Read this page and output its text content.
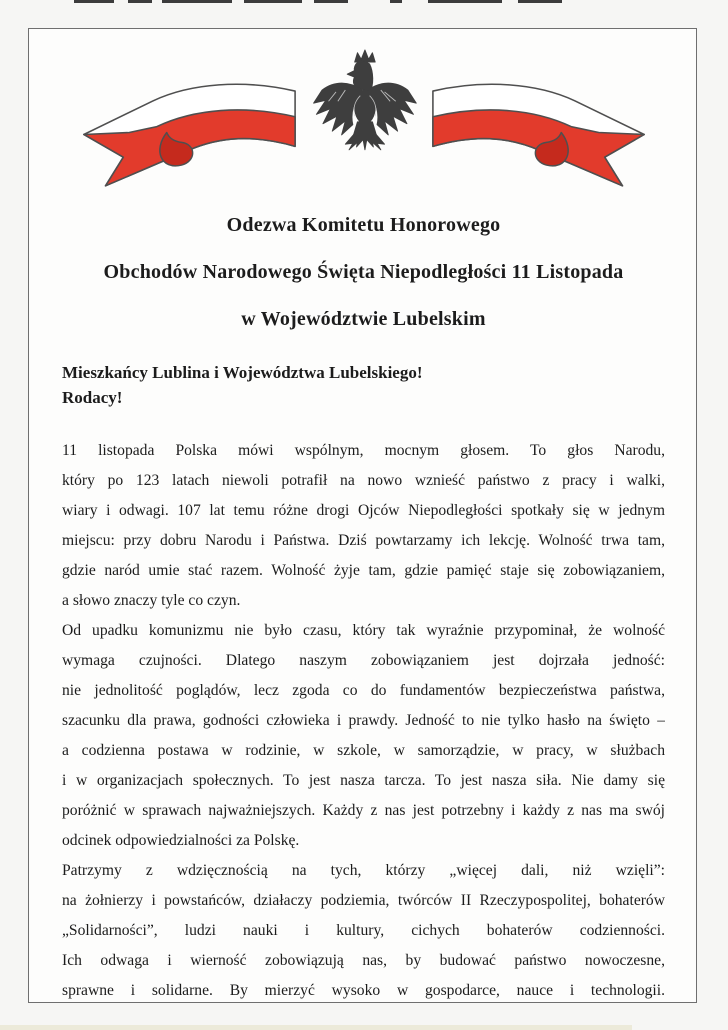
Odezwa Komitetu Honorowego
Obchodów Narodowego Święta Niepodległości 11 Listopada
w Województwie Lubelskim
Mieszkańcy Lublina i Województwa Lubelskiego!
Rodacy!
11 listopada Polska mówi wspólnym, mocnym głosem. To głos Narodu,
który po 123 latach niewoli potrafił na nowo wznieść państwo z pracy i walki,
wiary i odwagi. 107 lat temu różne drogi Ojców Niepodległości spotkały się w jednym
miejscu: przy dobru Narodu i Państwa. Dziś powtarzamy ich lekcję. Wolność trwa tam,
gdzie naród umie stać razem. Wolność żyje tam, gdzie pamięć staje się zobowiązaniem,
a słowo znaczy tyle co czyn.
Od upadku komunizmu nie było czasu, który tak wyraźnie przypominał, że wolność
wymaga czujności. Dlatego naszym zobowiązaniem jest dojrzała jedność:
nie jednolitość poglądów, lecz zgoda co do fundamentów bezpieczeństwa państwa,
szacunku dla prawa, godności człowieka i prawdy. Jedność to nie tylko hasło na święto –
a codzienna postawa w rodzinie, w szkole, w samorządzie, w pracy, w służbach
i w organizacjach społecznych. To jest nasza tarcza. To jest nasza siła. Nie damy się
poróżnić w sprawach najważniejszych. Każdy z nas jest potrzebny i każdy z nas ma swój
odcinek odpowiedzialności za Polskę.
Patrzymy z wdzięcznością na tych, którzy „więcej dali, niż wzięli”:
na żołnierzy i powstańców, działaczy podziemia, twórców II Rzeczypospolitej, bohaterów
„Solidarności”, ludzi nauki i kultury, cichych bohaterów codzienności.
Ich odwaga i wierność zobowiązują nas, by budować państwo nowoczesne,
sprawne i solidarne. By mierzyć wysoko w gospodarce, nauce i technologii.
